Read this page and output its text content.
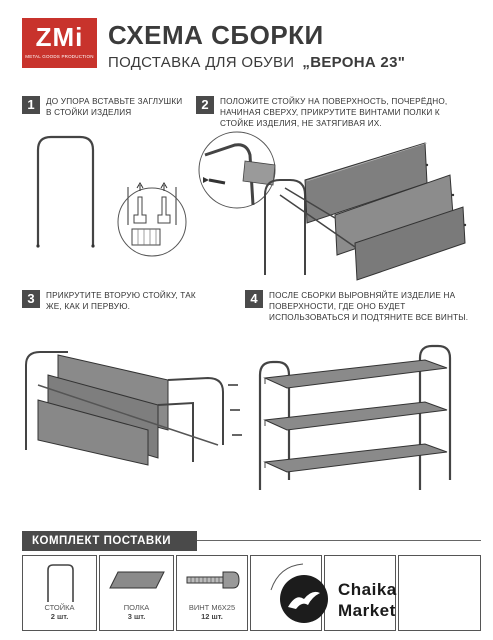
ZMi
METAL GOODS PRODUCTION
СХЕМА СБОРКИ
ПОДСТАВКА ДЛЯ ОБУВИ „ВЕРОНА 23"
1	ДО УПОРА ВСТАВЬТЕ ЗАГЛУШКИ В СТОЙКИ ИЗДЕЛИЯ
2	ПОЛОЖИТЕ СТОЙКУ НА ПОВЕРХНОСТЬ, ПОЧЕРЁДНО, НАЧИНАЯ СВЕРХУ, ПРИКРУТИТЕ ВИНТАМИ ПОЛКИ К СТОЙКЕ ИЗДЕЛИЯ, НЕ ЗАТЯГИВАЯ ИХ.
3	ПРИКРУТИТЕ ВТОРУЮ СТОЙКУ, ТАК ЖЕ, КАК И ПЕРВУЮ.
4	ПОСЛЕ СБОРКИ ВЫРОВНЯЙТЕ ИЗДЕЛИЕ НА ПОВЕРХНОСТИ, ГДЕ ОНО БУДЕТ ИСПОЛЬЗОВАТЬСЯ И ПОДТЯНИТЕ ВСЕ ВИНТЫ.
КОМПЛЕКТ ПОСТАВКИ
СТОЙКА
2 шт.
ПОЛКА
3 шт.
ВИНТ М6Х25
12 шт.
Chaika
Market
